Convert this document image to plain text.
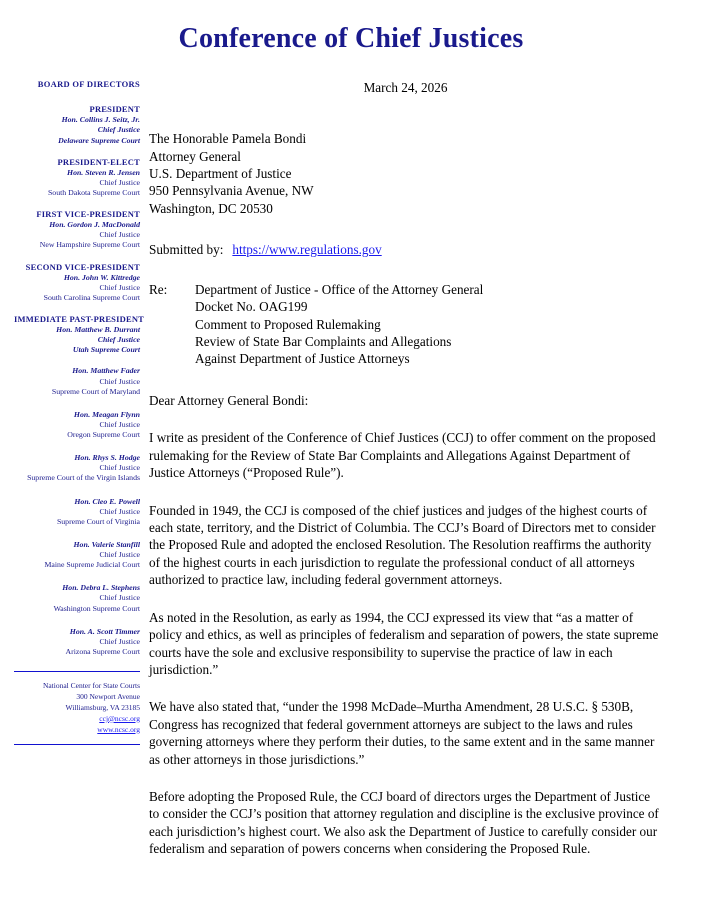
Conference of Chief Justices
BOARD OF DIRECTORS
PRESIDENT
Hon. Collins J. Seitz, Jr.
Chief Justice
Delaware Supreme Court
PRESIDENT-ELECT
Hon. Steven R. Jensen
Chief Justice
South Dakota Supreme Court
FIRST VICE-PRESIDENT
Hon. Gordon J. MacDonald
Chief Justice
New Hampshire Supreme Court
SECOND VICE-PRESIDENT
Hon. John W. Kittredge
Chief Justice
South Carolina Supreme Court
IMMEDIATE PAST-PRESIDENT
Hon. Matthew B. Durrant
Chief Justice
Utah Supreme Court
Hon. Matthew Fader
Chief Justice
Supreme Court of Maryland
Hon. Meagan Flynn
Chief Justice
Oregon Supreme Court
Hon. Rhys S. Hodge
Chief Justice
Supreme Court of the Virgin Islands
Hon. Cleo E. Powell
Chief Justice
Supreme Court of Virginia
Hon. Valerie Stanfill
Chief Justice
Maine Supreme Judicial Court
Hon. Debra L. Stephens
Chief Justice
Washington Supreme Court
Hon. A. Scott Timmer
Chief Justice
Arizona Supreme Court
National Center for State Courts
300 Newport Avenue
Williamsburg, VA 23185
ccj@ncsc.org
www.ncsc.org
March 24, 2026
The Honorable Pamela Bondi
Attorney General
U.S. Department of Justice
950 Pennsylvania Avenue, NW
Washington, DC 20530
Submitted by: https://www.regulations.gov
Re:	Department of Justice - Office of the Attorney General
Docket No. OAG199
Comment to Proposed Rulemaking
Review of State Bar Complaints and Allegations
Against Department of Justice Attorneys
Dear Attorney General Bondi:

I write as president of the Conference of Chief Justices (CCJ) to offer comment on the proposed rulemaking for the Review of State Bar Complaints and Allegations Against Department of Justice Attorneys (“Proposed Rule”).

Founded in 1949, the CCJ is composed of the chief justices and judges of the highest courts of each state, territory, and the District of Columbia. The CCJ’s Board of Directors met to consider the Proposed Rule and adopted the enclosed Resolution. The Resolution reaffirms the authority of the highest courts in each jurisdiction to regulate the professional conduct of all attorneys authorized to practice law, including federal government attorneys.

As noted in the Resolution, as early as 1994, the CCJ expressed its view that “as a matter of policy and ethics, as well as principles of federalism and separation of powers, the state supreme courts have the sole and exclusive responsibility to supervise the practice of law in each jurisdiction.”

We have also stated that, “under the 1998 McDade–Murtha Amendment, 28 U.S.C. § 530B, Congress has recognized that federal government attorneys are subject to the laws and rules governing attorneys where they perform their duties, to the same extent and in the same manner as other attorneys in those jurisdictions.”

Before adopting the Proposed Rule, the CCJ board of directors urges the Department of Justice to consider the CCJ’s position that attorney regulation and discipline is the exclusive province of each jurisdiction’s highest court. We also ask the Department of Justice to carefully consider our federalism and separation of powers concerns when considering the Proposed Rule.
